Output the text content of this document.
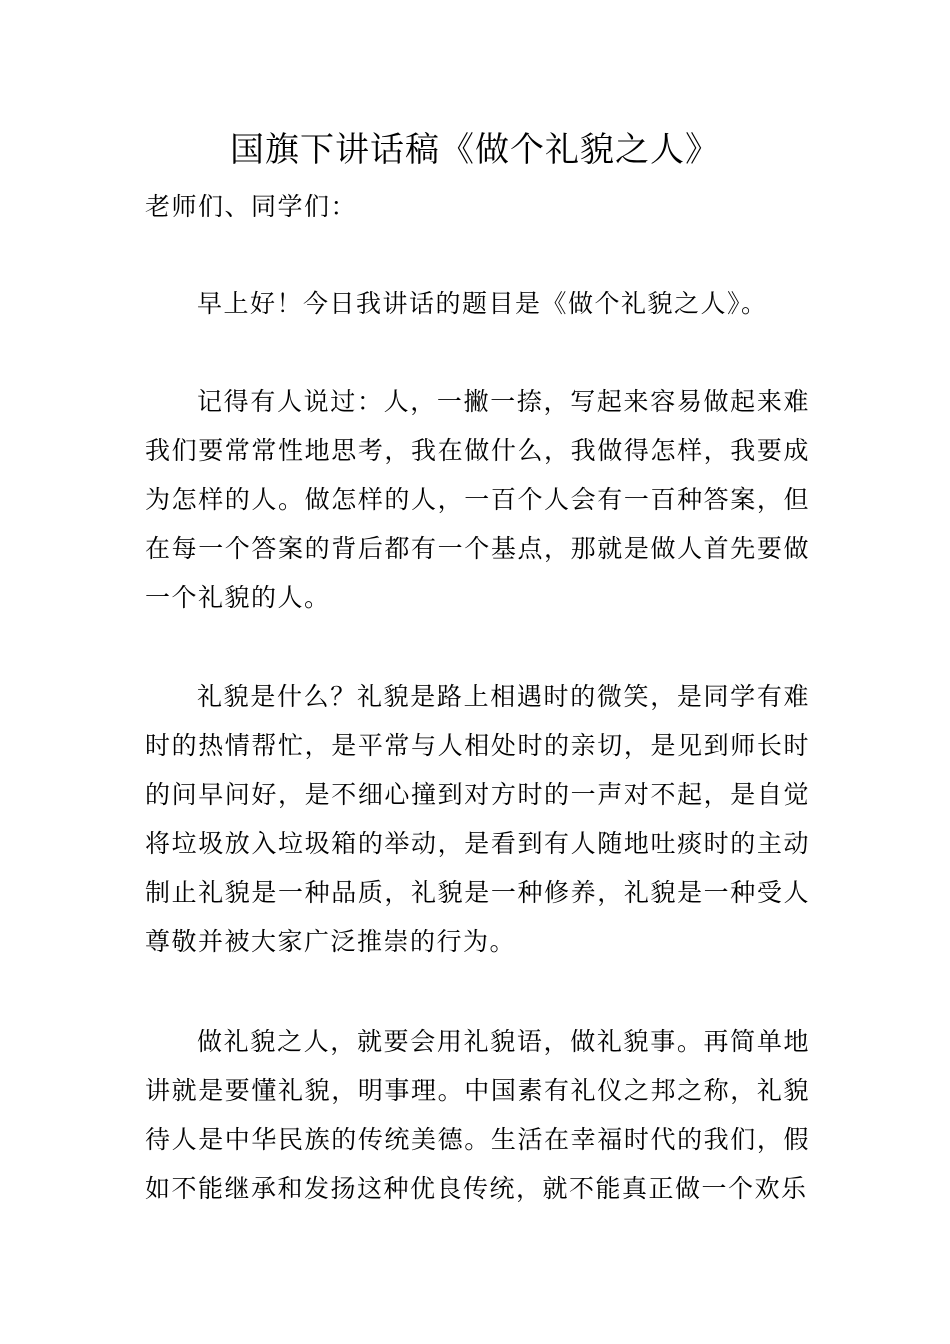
国旗下讲话稿《做个礼貌之人》

老师们、同学们：

早上好！今日我讲话的题目是《做个礼貌之人》。

记得有人说过：人，一撇一捺，写起来容易做起来难我们要常常性地思考，我在做什么，我做得怎样，我要成为怎样的人。做怎样的人，一百个人会有一百种答案，但在每一个答案的背后都有一个基点，那就是做人首先要做一个礼貌的人。

礼貌是什么？礼貌是路上相遇时的微笑，是同学有难时的热情帮忙，是平常与人相处时的亲切，是见到师长时的问早问好，是不细心撞到对方时的一声对不起，是自觉将垃圾放入垃圾箱的举动，是看到有人随地吐痰时的主动制止礼貌是一种品质，礼貌是一种修养，礼貌是一种受人尊敬并被大家广泛推崇的行为。

做礼貌之人，就要会用礼貌语，做礼貌事。再简单地讲就是要懂礼貌，明事理。中国素有礼仪之邦之称，礼貌待人是中华民族的传统美德。生活在幸福时代的我们，假如不能继承和发扬这种优良传统，就不能真正做一个欢乐
